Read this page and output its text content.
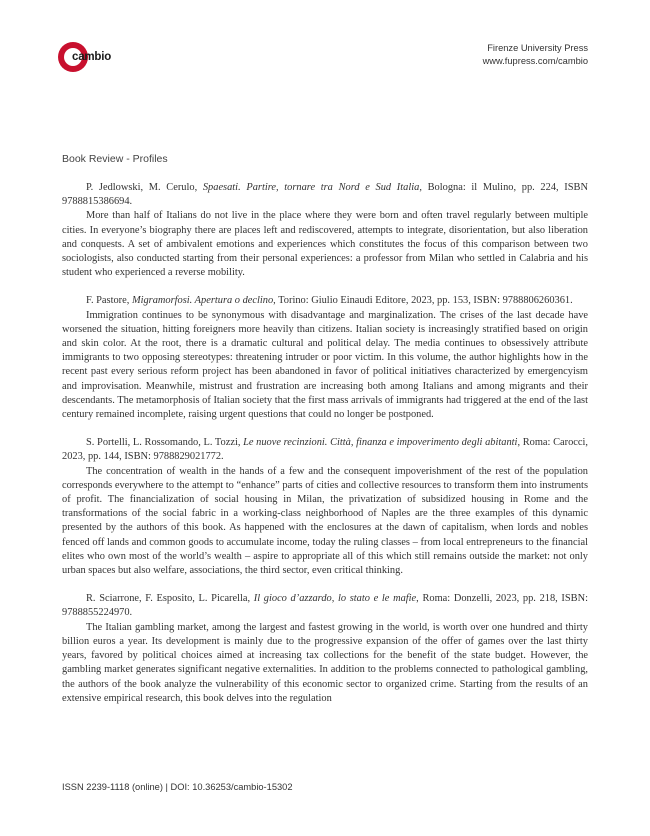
cambio
Firenze University Press
www.fupress.com/cambio
Book Review - Profiles

P. Jedlowski, M. Cerulo, Spaesati. Partire, tornare tra Nord e Sud Italia, Bologna: il Mulino, pp. 224, ISBN 9788815386694.

More than half of Italians do not live in the place where they were born and often travel regularly between multiple cities. In everyone’s biography there are places left and rediscovered, attempts to integrate, disorientation, but also liberation and conquests. A set of ambivalent emotions and experiences which constitutes the focus of this comparison between two sociologists, also conducted starting from their personal experiences: a professor from Milan who settled in Calabria and his student who experienced a reverse mobility.

F. Pastore, Migramorfosi. Apertura o declino, Torino: Giulio Einaudi Editore, 2023, pp. 153, ISBN: 9788806260361.

Immigration continues to be synonymous with disadvantage and marginalization. The crises of the last decade have worsened the situation, hitting foreigners more heavily than citizens. Italian society is increasingly stratified based on origin and skin color. At the root, there is a dramatic cultural and political delay. The media continues to obsessively attribute immigrants to two opposing stereotypes: threatening intruder or poor victim. In this volume, the author highlights how in the recent past every serious reform project has been abandoned in favor of political initiatives characterized by emergencyism and improvisation. Meanwhile, mistrust and frustration are increasing both among Italians and among migrants and their descendants. The metamorphosis of Italian society that the first mass arrivals of immigrants had triggered at the end of the last century remained incomplete, raising urgent questions that could no longer be postponed.

S. Portelli, L. Rossomando, L. Tozzi, Le nuove recinzioni. Città, finanza e impoverimento degli abitanti, Roma: Carocci, 2023, pp. 144, ISBN: 9788829021772.

The concentration of wealth in the hands of a few and the consequent impoverishment of the rest of the population corresponds everywhere to the attempt to “enhance” parts of cities and collective resources to transform them into instruments of profit. The financialization of social housing in Milan, the privatization of subsidized housing in Rome and the transformations of the social fabric in a working-class neighborhood of Naples are the three examples of this dynamic presented by the authors of this book. As happened with the enclosures at the dawn of capitalism, when lords and nobles fenced off lands and common goods to accumulate income, today the ruling classes – from local entrepreneurs to the financial elites who own most of the world’s wealth – aspire to appropriate all of this which still remains outside the market: not only urban spaces but also welfare, associations, the third sector, even critical thinking.

R. Sciarrone, F. Esposito, L. Picarella, Il gioco d’azzardo, lo stato e le mafie, Roma: Donzelli, 2023, pp. 218, ISBN: 9788855224970.

The Italian gambling market, among the largest and fastest growing in the world, is worth over one hundred and thirty billion euros a year. Its development is mainly due to the progressive expansion of the offer of games over the last thirty years, favored by political choices aimed at increasing tax collections for the benefit of the state budget. However, the gambling market generates significant negative externalities. In addition to the problems connected to pathological gambling, the authors of the book analyze the vulnerability of this economic sector to organized crime. Starting from the results of an extensive empirical research, this book delves into the regulation

ISSN 2239-1118 (online) | DOI: 10.36253/cambio-15302
